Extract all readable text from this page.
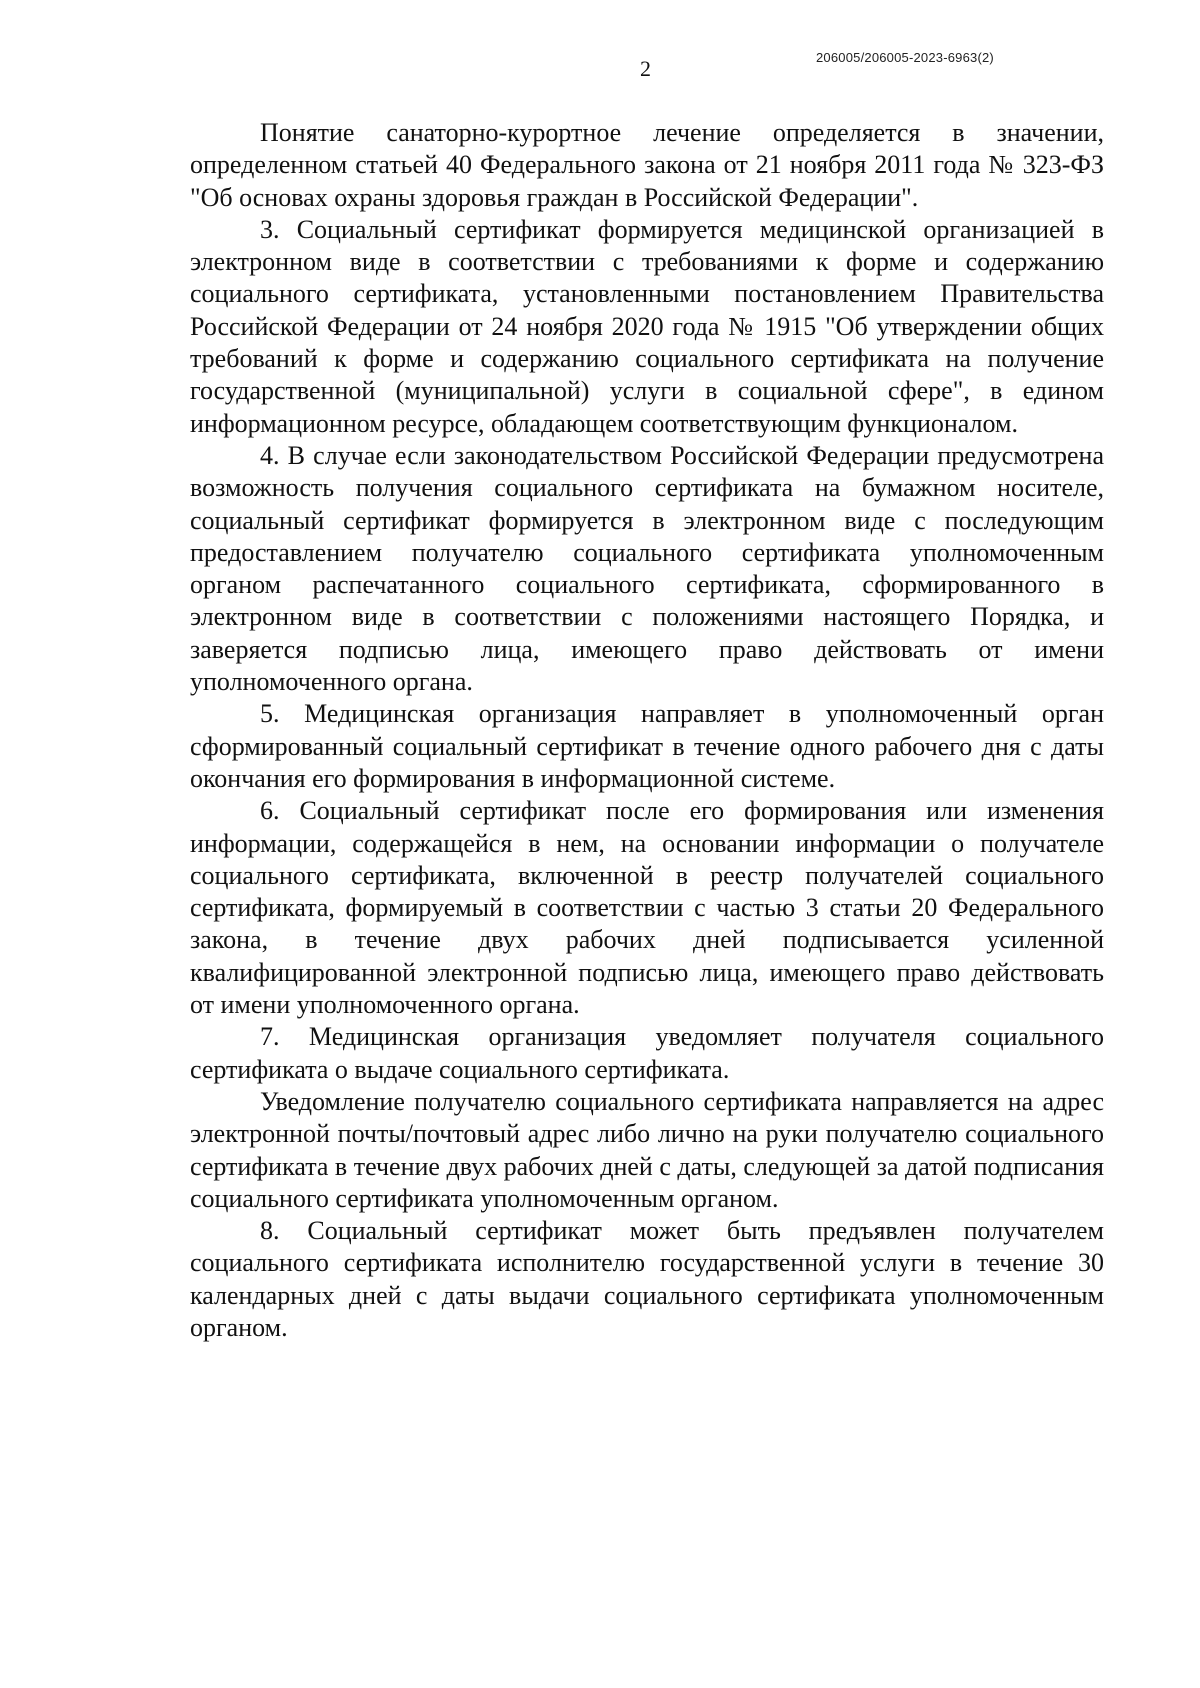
206005/206005-2023-6963(2)
2

Понятие санаторно-курортное лечение определяется в значении, определенном статьей 40 Федерального закона от 21 ноября 2011 года № 323-ФЗ "Об основах охраны здоровья граждан в Российской Федерации".

3. Социальный сертификат формируется медицинской организацией в электронном виде в соответствии с требованиями к форме и содержанию социального сертификата, установленными постановлением Правительства Российской Федерации от 24 ноября 2020 года № 1915 "Об утверждении общих требований к форме и содержанию социального сертификата на получение государственной (муниципальной) услуги в социальной сфере", в едином информационном ресурсе, обладающем соответствующим функционалом.

4. В случае если законодательством Российской Федерации предусмотрена возможность получения социального сертификата на бумажном носителе, социальный сертификат формируется в электронном виде с последующим предоставлением получателю социального сертификата уполномоченным органом распечатанного социального сертификата, сформированного в электронном виде в соответствии с положениями настоящего Порядка, и заверяется подписью лица, имеющего право действовать от имени уполномоченного органа.

5. Медицинская организация направляет в уполномоченный орган сформированный социальный сертификат в течение одного рабочего дня с даты окончания его формирования в информационной системе.

6. Социальный сертификат после его формирования или изменения информации, содержащейся в нем, на основании информации о получателе социального сертификата, включенной в реестр получателей социального сертификата, формируемый в соответствии с частью 3 статьи 20 Федерального закона, в течение двух рабочих дней подписывается усиленной квалифицированной электронной подписью лица, имеющего право действовать от имени уполномоченного органа.

7. Медицинская организация уведомляет получателя социального сертификата о выдаче социального сертификата.

Уведомление получателю социального сертификата направляется на адрес электронной почты/почтовый адрес либо лично на руки получателю социального сертификата в течение двух рабочих дней с даты, следующей за датой подписания социального сертификата уполномоченным органом.

8. Социальный сертификат может быть предъявлен получателем социального сертификата исполнителю государственной услуги в течение 30 календарных дней с даты выдачи социального сертификата уполномоченным органом.
